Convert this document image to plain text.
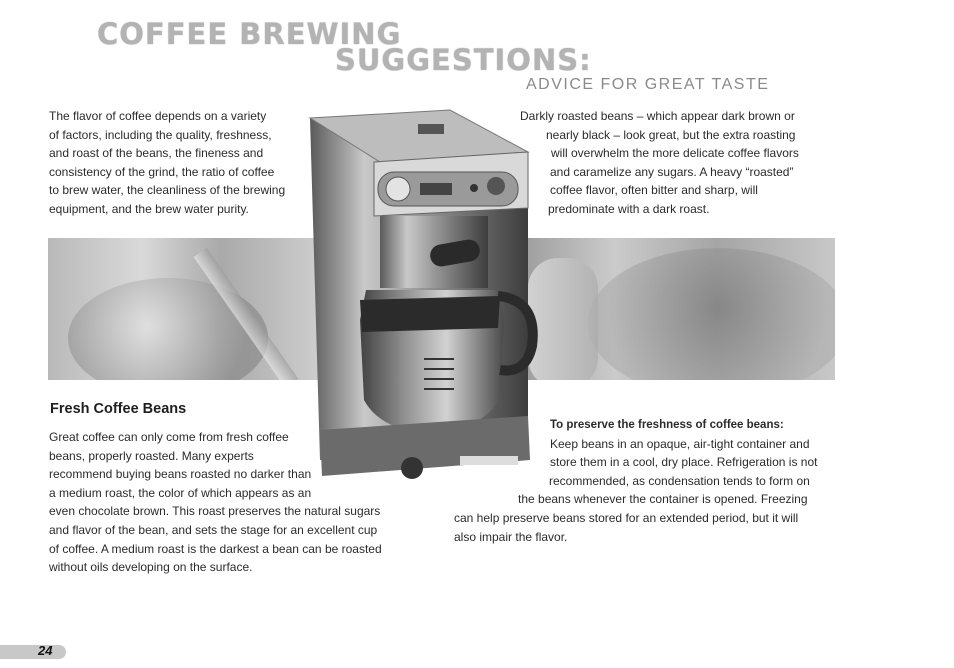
COFFEE BREWING
SUGGESTIONS:
ADVICE FOR GREAT TASTE
The flavor of coffee depends on a variety
of factors, including the quality, freshness,
and roast of the beans, the fineness and
consistency of the grind, the ratio of coffee
to brew water, the cleanliness of the brewing
equipment, and the brew water purity.
Darkly roasted beans – which appear dark brown or
nearly black – look great, but the extra roasting
will overwhelm the more delicate coffee flavors
and caramelize any sugars. A heavy “roasted”
coffee flavor, often bitter and sharp, will
predominate with a dark roast.
Fresh Coffee Beans
Great coffee can only come from fresh coffee
beans, properly roasted. Many experts
recommend buying beans roasted no darker than
a medium roast, the color of which appears as an
even chocolate brown. This roast preserves the natural sugars
and flavor of the bean, and sets the stage for an excellent cup
of coffee. A medium roast is the darkest a bean can be roasted
without oils developing on the surface.
To preserve the freshness of coffee beans:
Keep beans in an opaque, air-tight container and
store them in a cool, dry place. Refrigeration is not
recommended, as condensation tends to form on
the beans whenever the container is opened. Freezing
can help preserve beans stored for an extended period, but it will
also impair the flavor.
24
